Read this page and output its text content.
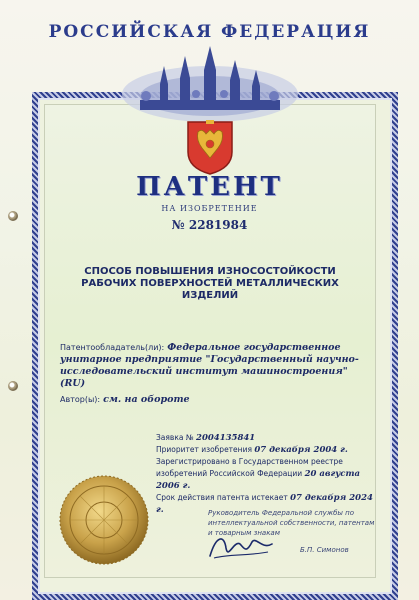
РОССИЙСКАЯ ФЕДЕРАЦИЯ
ПАТЕНТ
НА ИЗОБРЕТЕНИЕ
№ 2281984
СПОСОБ ПОВЫШЕНИЯ ИЗНОСОСТОЙКОСТИ РАБОЧИХ ПОВЕРХНОСТЕЙ МЕТАЛЛИЧЕСКИХ ИЗДЕЛИЙ
Патентообладатель(ли): Федеральное государственное унитарное предприятие "Государственный научно-исследовательский институт машиностроения" (RU)
Автор(ы): см. на обороте
Заявка № 2004135841
Приоритет изобретения 07 декабря 2004 г.
Зарегистрировано в Государственном реестре изобретений Российской Федерации 20 августа 2006 г.
Срок действия патента истекает 07 декабря 2024 г.	Руководитель Федеральной службы по интеллектуальной собственности, патентам и товарным знакам
Б.П. Симонов
